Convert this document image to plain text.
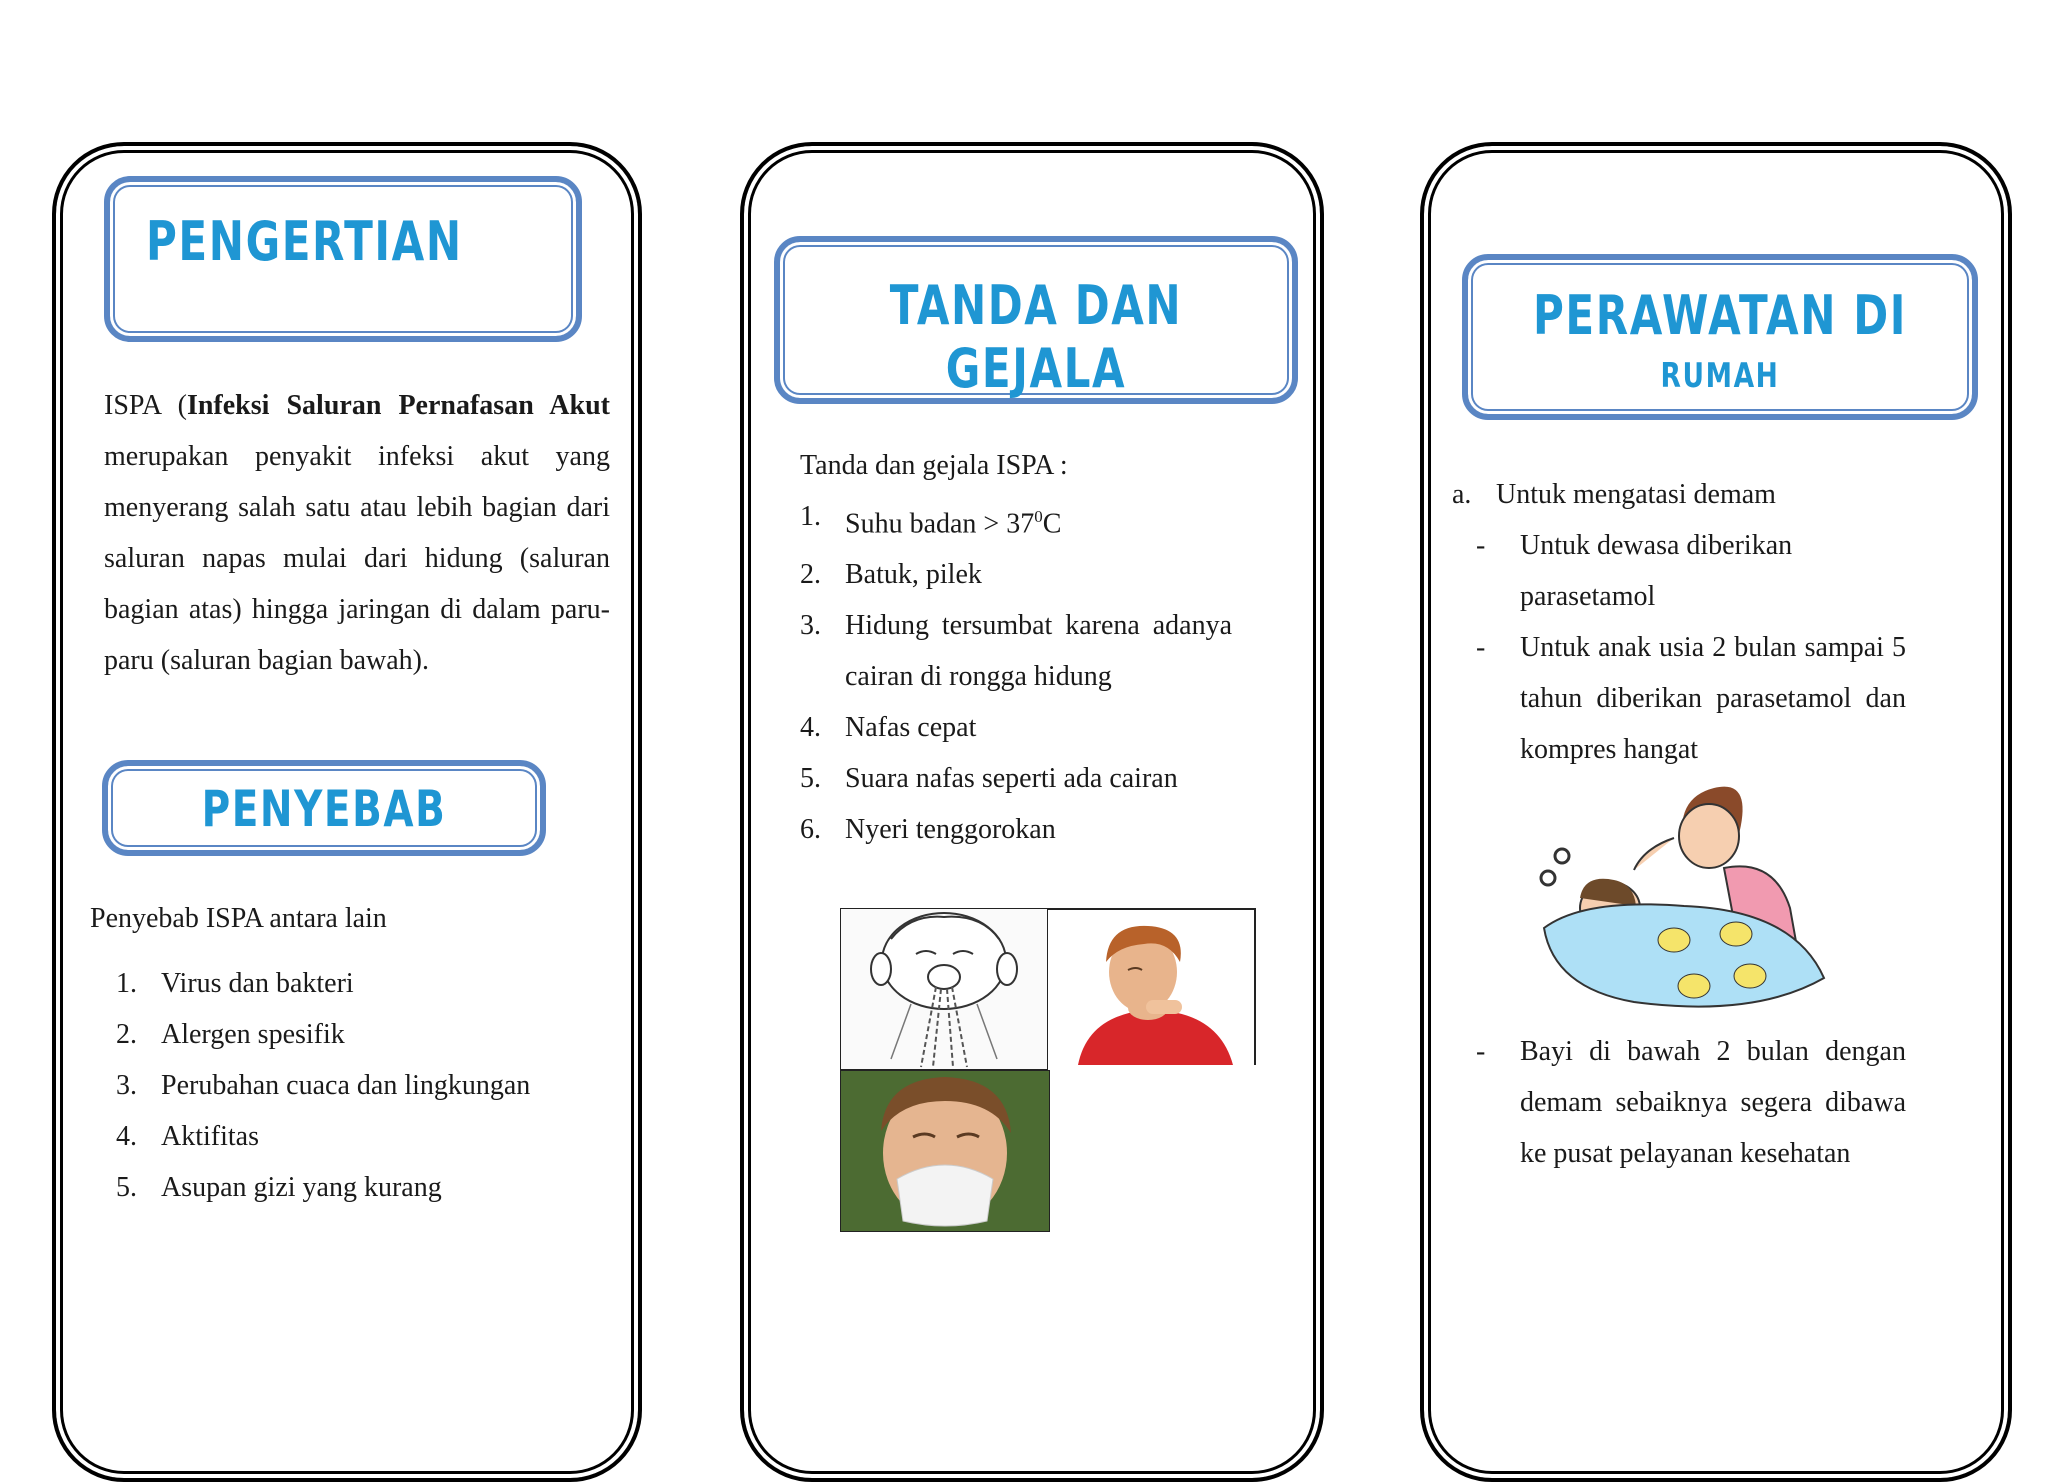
PENGERTIAN
ISPA (Infeksi Saluran Pernafasan Akut merupakan penyakit infeksi akut yang menyerang salah satu atau lebih bagian dari saluran napas mulai dari hidung (saluran bagian atas) hingga jaringan di dalam paru-paru (saluran bagian bawah).
PENYEBAB
Penyebab ISPA antara lain
1. Virus dan bakteri
2. Alergen spesifik
3. Perubahan cuaca dan lingkungan
4. Aktifitas
5. Asupan gizi yang kurang
TANDA DAN GEJALA
Tanda dan gejala ISPA :
1. Suhu badan > $37^0C$
2. Batuk, pilek
3. Hidung tersumbat karena adanya cairan di rongga hidung
4. Nafas cepat
5. Suara nafas seperti ada cairan
6. Nyeri tenggorokan
PERAWATAN DI
RUMAH
a. Untuk mengatasi demam
-	Untuk dewasa diberikan parasetamol
-	Untuk anak usia 2 bulan sampai 5 tahun diberikan parasetamol dan kompres hangat
-	Bayi di bawah 2 bulan dengan demam sebaiknya segera dibawa ke pusat pelayanan kesehatan
